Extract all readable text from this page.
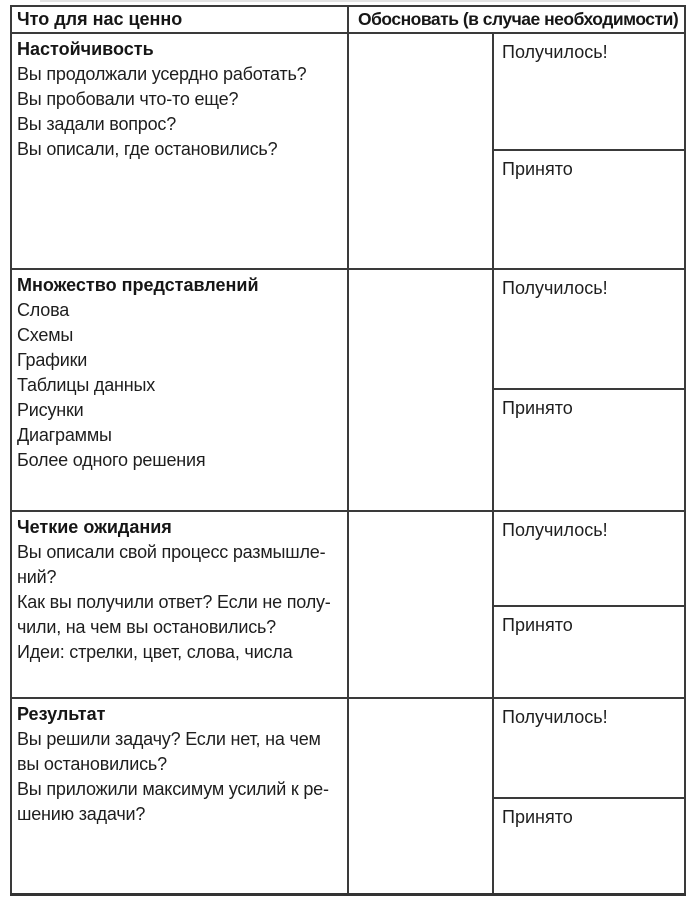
Что для нас ценно	Обосновать (в случае необходимости)	

Настойчивость
Вы продолжали усердно работать?
Вы пробовали что-то еще?
Вы задали вопрос?
Вы описали, где остановились?		Получилось!
		Принято

Множество представлений
Слова
Схемы
Графики
Таблицы данных
Рисунки
Диаграммы
Более одного решения
		Получилось!
		Принято

Четкие ожидания
Вы описали свой процесс размышле-
ний?
Как вы получили ответ? Если не полу-
чили, на чем вы остановились?
Идеи: стрелки, цвет, слова, числа
		Получилось!
		Принято

Результат
Вы решили задачу? Если нет, на чем
вы остановились?
Вы приложили максимум усилий к ре-
шению задачи?		Получилось!
		Принято
